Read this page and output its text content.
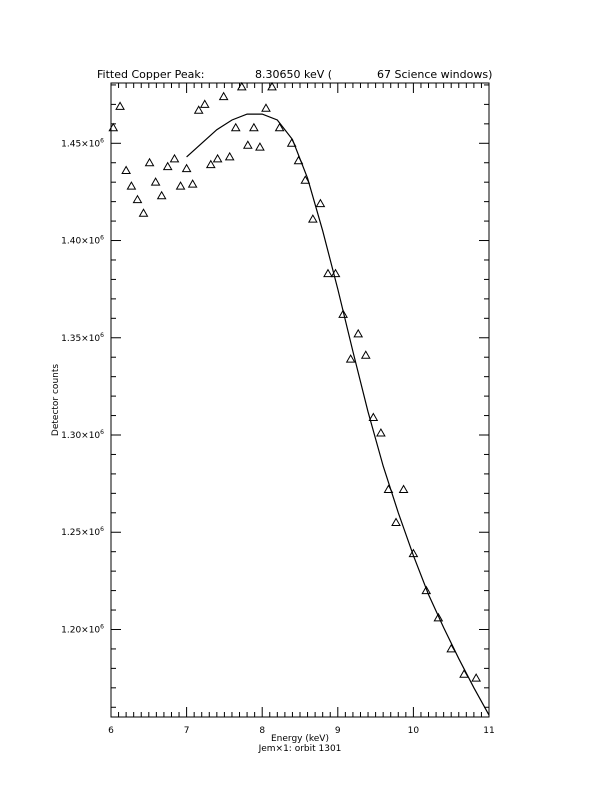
Fitted Copper Peak:	8.30650 keV (	67 Science windows)
6	7	8	9	10	11
$1.20\times 10^6$
$1.25\times 10^6$
$1.30\times 10^6$
$1.35\times 10^6$
$1.40\times 10^6$
$1.45\times 10^6$
Energy (keV)
Jem×1: orbit 1301
Detector counts
